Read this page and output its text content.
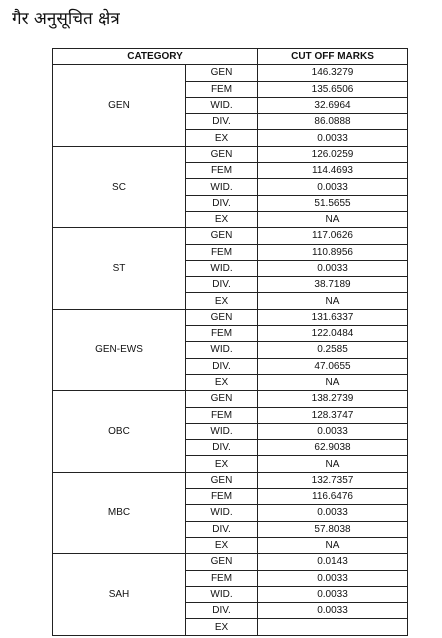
गैर अनुसूचित क्षेत्र
CATEGORY		CUT OFF MARKS
GEN	GEN	146.3279
	FEM	135.6506
	WID.	32.6964
	DIV.	86.0888
	EX	0.0033
SC	GEN	126.0259
	FEM	114.4693
	WID.	0.0033
	DIV.	51.5655
	EX	NA
ST	GEN	117.0626
	FEM	110.8956
	WID.	0.0033
	DIV.	38.7189
	EX	NA
GEN-EWS	GEN	131.6337
	FEM	122.0484
	WID.	0.2585
	DIV.	47.0655
	EX	NA
OBC	GEN	138.2739
	FEM	128.3747
	WID.	0.0033
	DIV.	62.9038
	EX	NA
MBC	GEN	132.7357
	FEM	116.6476
	WID.	0.0033
	DIV.	57.8038
	EX	NA
SAH	GEN	0.0143
	FEM	0.0033
	WID.	0.0033
	DIV.	0.0033
	EX	
